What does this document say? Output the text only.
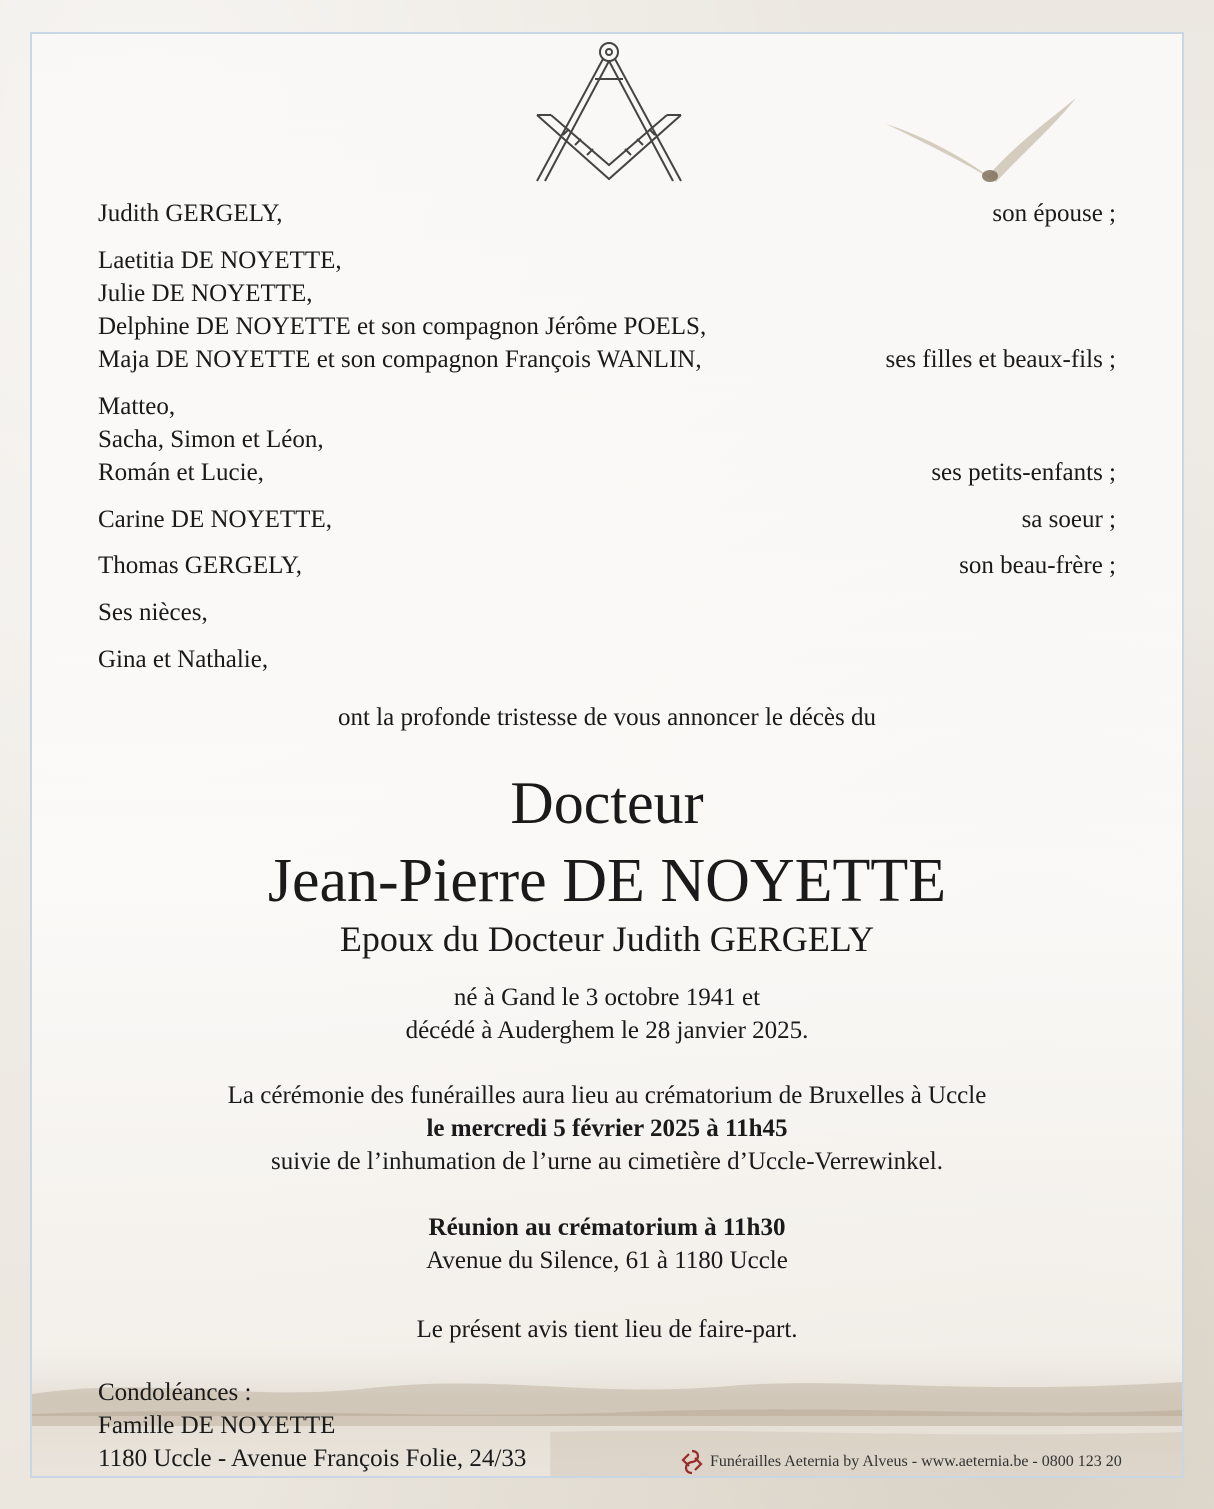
Judith GERGELY,	son épouse ;
Laetitia DE NOYETTE,
Julie DE NOYETTE,
Delphine DE NOYETTE et son compagnon Jérôme POELS,
Maja DE NOYETTE et son compagnon François WANLIN,	ses filles et beaux-fils ;
Matteo,
Sacha, Simon et Léon,
Román et Lucie,	ses petits-enfants ;
Carine DE NOYETTE,	sa soeur ;
Thomas GERGELY,	son beau-frère ;
Ses nièces,
Gina et Nathalie,
ont la profonde tristesse de vous annoncer le décès du
Docteur
Jean-Pierre DE NOYETTE
Epoux du Docteur Judith GERGELY
né à Gand le 3 octobre 1941 et
décédé à Auderghem le 28 janvier 2025.
La cérémonie des funérailles aura lieu au crématorium de Bruxelles à Uccle
le mercredi 5 février 2025 à 11h45
suivie de l’inhumation de l’urne au cimetière d’Uccle-Verrewinkel.
Réunion au crématorium à 11h30
Avenue du Silence, 61 à 1180 Uccle
Le présent avis tient lieu de faire-part.
Condoléances :
Famille DE NOYETTE
1180 Uccle - Avenue François Folie, 24/33	Funérailles Aeternia by Alveus - www.aeternia.be - 0800 123 20
